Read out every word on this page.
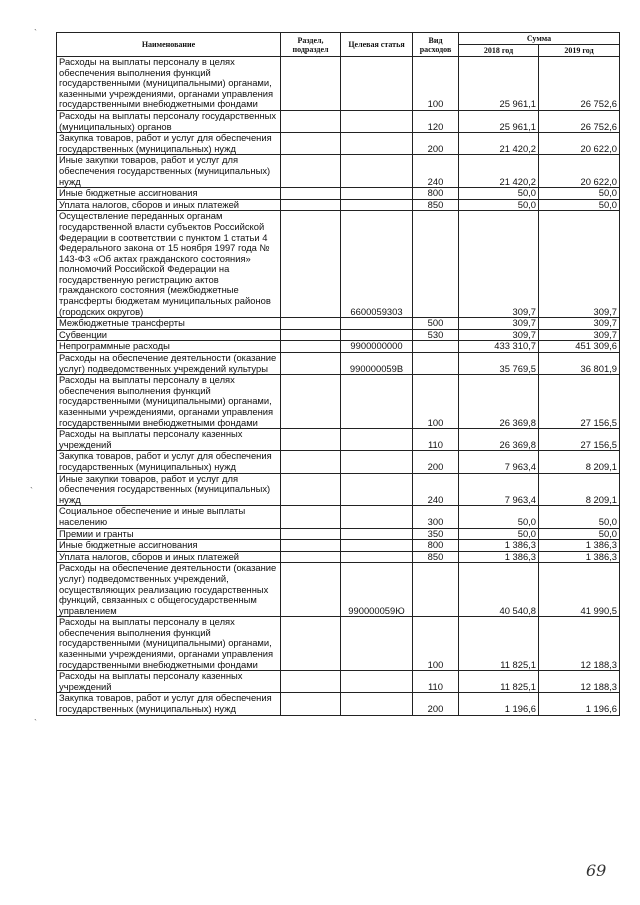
`
`
`
Наименование	Раздел, подраздел	Целевая статья	Вид расходов	Сумма	
				2018 год	2019 год
Расходы на выплаты персоналу в целях обеспечения выполнения функций государственными (муниципальными) органами, казенными учреждениями, органами управления государственными внебюджетными фондами			100	25 961,1	26 752,6
Расходы на выплаты персоналу государственных (муниципальных) органов			120	25 961,1	26 752,6
Закупка товаров, работ и услуг для обеспечения государственных (муниципальных) нужд			200	21 420,2	20 622,0
Иные закупки товаров, работ и услуг для обеспечения государственных (муниципальных) нужд			240	21 420,2	20 622,0
Иные бюджетные ассигнования			800	50,0	50,0
Уплата налогов, сборов и иных платежей			850	50,0	50,0
Осуществление переданных органам государственной власти субъектов Российской Федерации в соответствии с пунктом 1 статьи 4 Федерального закона от 15 ноября 1997 года № 143-ФЗ «Об актах гражданского состояния» полномочий Российской Федерации на государственную регистрацию актов гражданского состояния (межбюджетные трансферты бюджетам муниципальных районов (городских округов)		6600059303		309,7	309,7
Межбюджетные трансферты			500	309,7	309,7
Субвенции			530	309,7	309,7
Непрограммные расходы		9900000000		433 310,7	451 309,6
Расходы на обеспечение деятельности (оказание услуг) подведомственных учреждений культуры		990000059В		35 769,5	36 801,9
Расходы на выплаты персоналу в целях обеспечения выполнения функций государственными (муниципальными) органами, казенными учреждениями, органами управления государственными внебюджетными фондами			100	26 369,8	27 156,5
Расходы на выплаты персоналу казенных учреждений			110	26 369,8	27 156,5
Закупка товаров, работ и услуг для обеспечения государственных (муниципальных) нужд			200	7 963,4	8 209,1
Иные закупки товаров, работ и услуг для обеспечения государственных (муниципальных) нужд			240	7 963,4	8 209,1
Социальное обеспечение и иные выплаты населению			300	50,0	50,0
Премии и гранты			350	50,0	50,0
Иные бюджетные ассигнования			800	1 386,3	1 386,3
Уплата налогов, сборов и иных платежей			850	1 386,3	1 386,3
Расходы на обеспечение деятельности (оказание услуг) подведомственных учреждений, осуществляющих реализацию государственных функций, связанных с общегосударственным управлением		990000059Ю		40 540,8	41 990,5
Расходы на выплаты персоналу в целях обеспечения выполнения функций государственными (муниципальными) органами, казенными учреждениями, органами управления государственными внебюджетными фондами			100	11 825,1	12 188,3
Расходы на выплаты персоналу казенных учреждений			110	11 825,1	12 188,3
Закупка товаров, работ и услуг для обеспечения государственных (муниципальных) нужд			200	1 196,6	1 196,6
69
